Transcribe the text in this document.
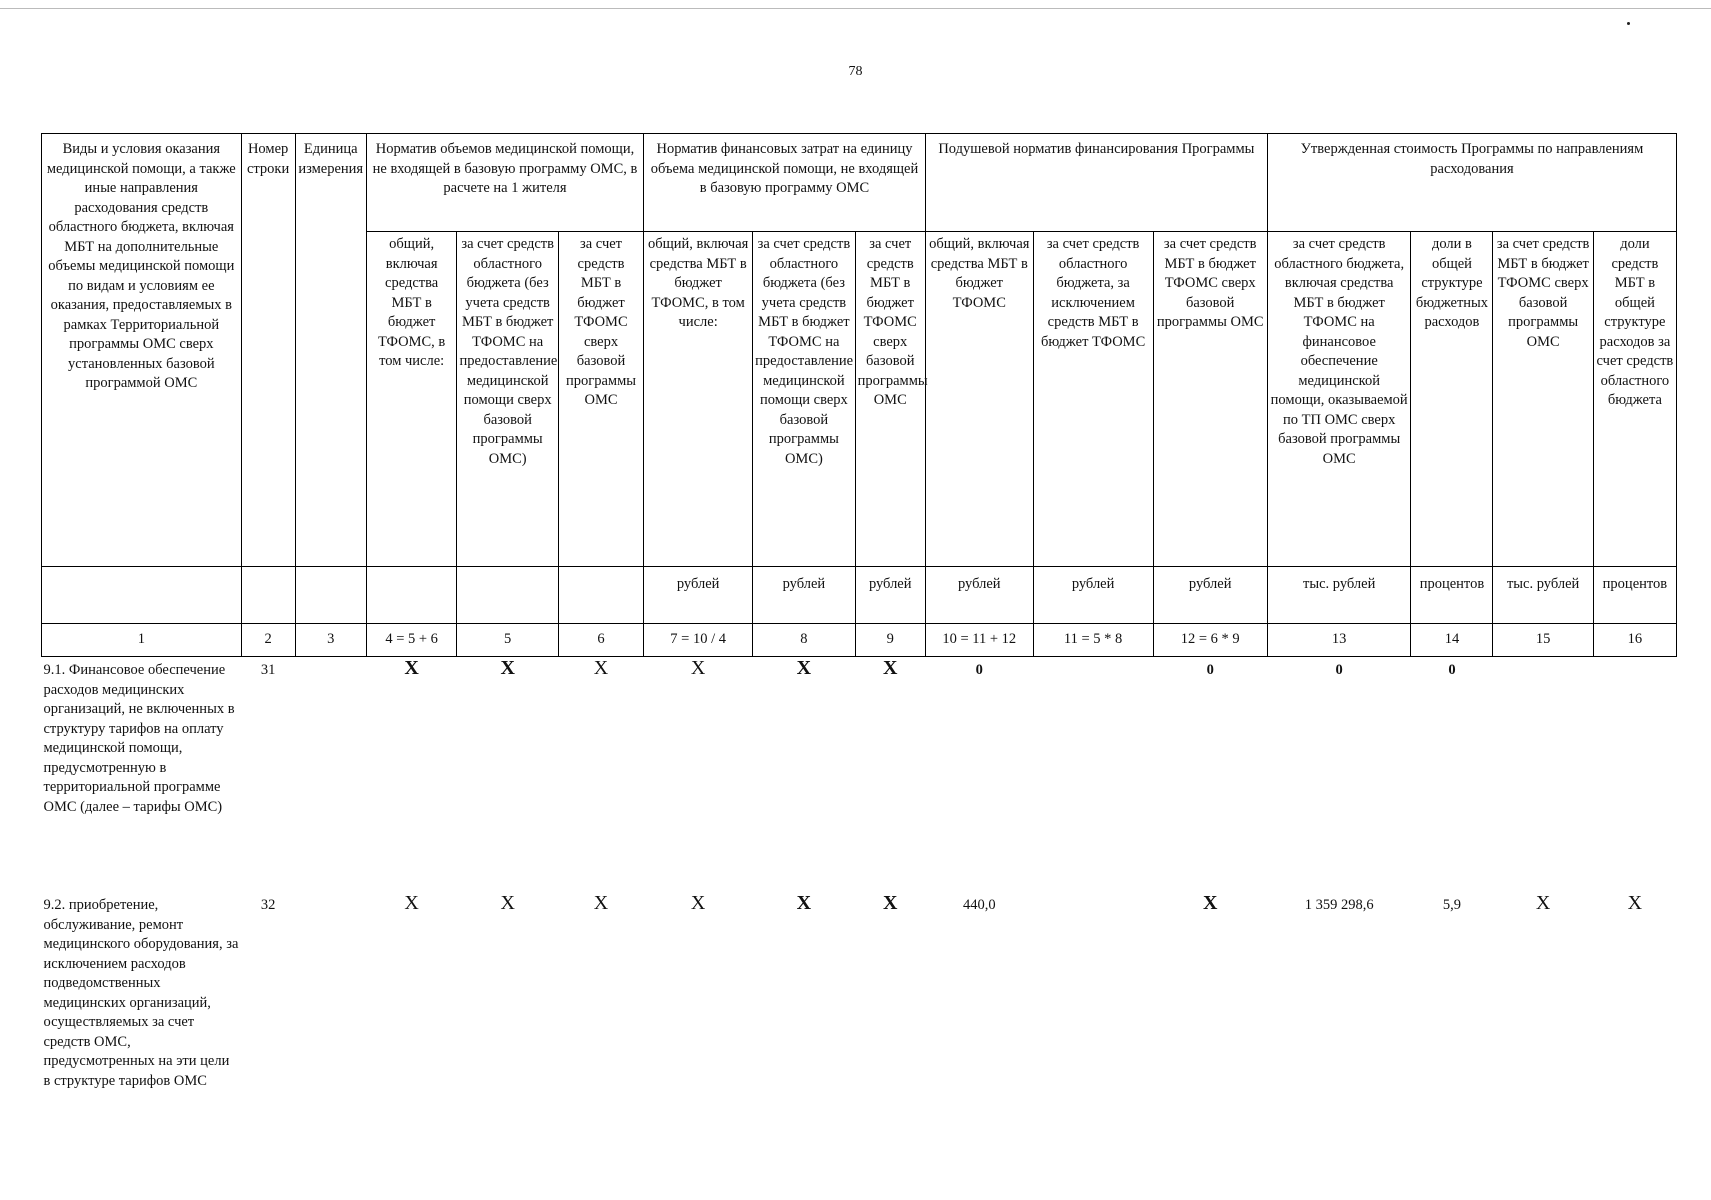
78
Виды и условия оказания медицинской помощи, а также иные направления расходования средств областного бюджета, включая МБТ на дополнительные объемы медицинской помощи по видам и условиям ее оказания, предоставляемых в рамках Территориальной программы ОМС сверх установленных базовой программой ОМС	Номер строки	Единица измерения	Норматив объемов медицинской помощи, не входящей в базовую программу ОМС, в расчете на 1 жителя			Норматив финансовых затрат на единицу объема медицинской помощи, не входящей в базовую программу ОМС			Подушевой норматив финансирования Программы			Утвержденная стоимость Программы по направлениям расходования			
			общий, включая средства МБТ в бюджет ТФОМС, в том числе:	за счет средств областного бюджета (без учета средств МБТ в бюджет ТФОМС на предоставление медицинской помощи сверх базовой программы ОМС)	за счет средств МБТ в бюджет ТФОМС сверх базовой программы ОМС	общий, включая средства МБТ в бюджет ТФОМС, в том числе:	за счет средств областного бюджета (без учета средств МБТ в бюджет ТФОМС на предоставление медицинской помощи сверх базовой программы ОМС)	за счет средств МБТ в бюджет ТФОМС сверх базовой программы ОМС	общий, включая средства МБТ в бюджет ТФОМС	за счет средств областного бюджета, за исключением средств МБТ в бюджет ТФОМС	за счет средств МБТ в бюджет ТФОМС сверх базовой программы ОМС	за счет средств областного бюджета, включая средства МБТ в бюджет ТФОМС на финансовое обеспечение медицинской помощи, оказываемой по ТП ОМС сверх базовой программы ОМС	доли в общей структуре бюджетных расходов	за счет средств МБТ в бюджет ТФОМС сверх базовой программы ОМС	доли средств МБТ в общей структуре расходов за счет средств областного бюджета
						рублей	рублей	рублей	рублей	рублей	рублей	тыс. рублей	процентов	тыс. рублей	процентов
1	2	3	4 = 5 + 6	5	6	7 = 10 / 4	8	9	10 = 11 + 12	11 = 5 * 8	12 = 6 * 9	13	14	15	16
9.1. Финансовое обеспечение расходов медицинских организаций, не включенных в структуру тарифов на оплату медицинской помощи, предусмотренную в территориальной программе ОМС (далее – тарифы ОМС)	31		X	X	X	X	X	X	0		0	0	0		
9.2. приобретение, обслуживание, ремонт медицинского оборудования, за исключением расходов подведомственных медицинских организаций, осуществляемых за счет средств ОМС, предусмотренных на эти цели в структуре тарифов ОМС	32		X	X	X	X	X	X	440,0		X	1 359 298,6	5,9	X	X
